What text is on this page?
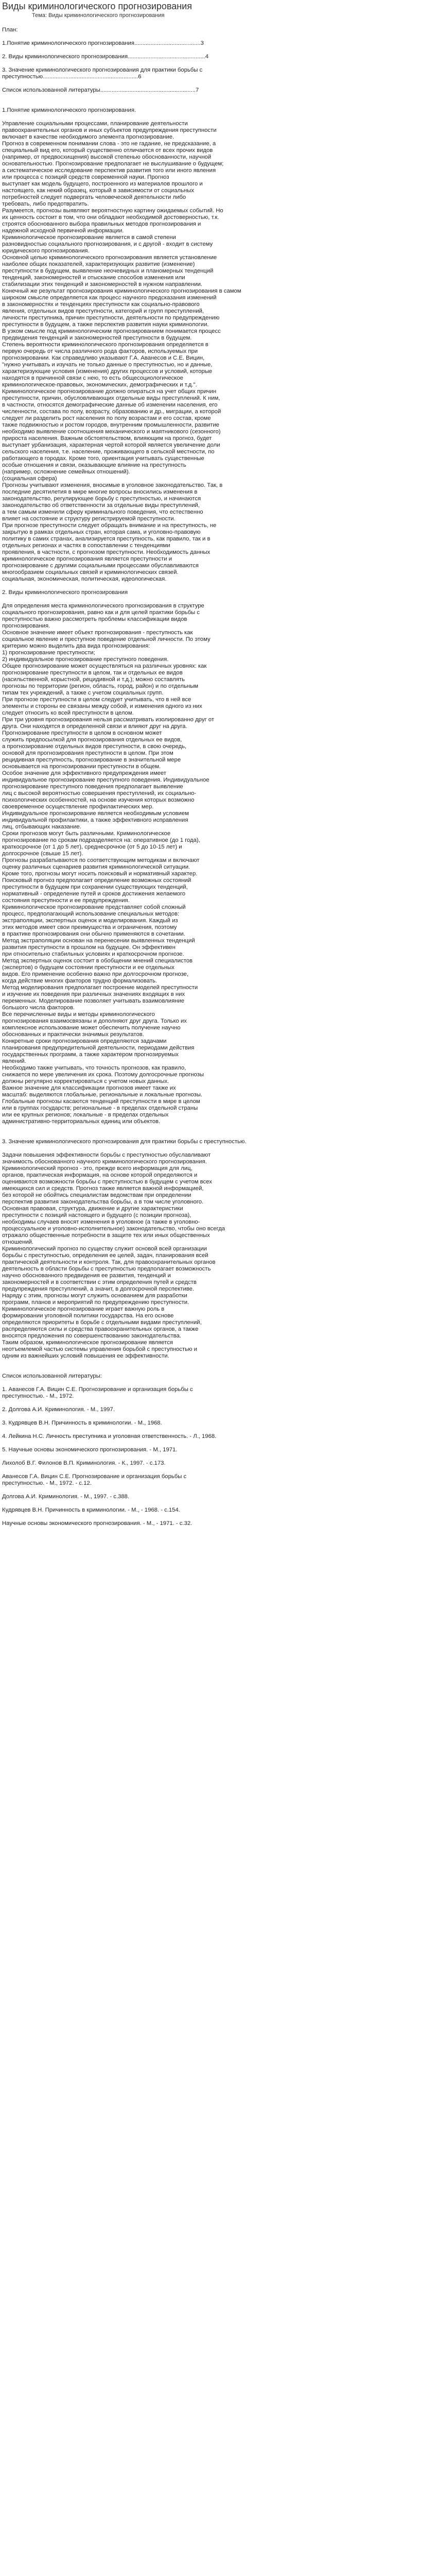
Виды криминологического прогнозирования
Тема: Виды криминологического прогнозирования

План:

1.Понятие криминологического прогнозирования.........................................3

2. Виды криминологического прогнозирования................................................4

3. Значение криминологического прогнозирования для практики борьбы с

преступностью...........................................................6

Список использованной литературы...........................................................7

1.Понятие криминологического прогнозирования.

Управление социальными процессами, планирование деятельности

правоохранительных органов и иных субъектов предупреждения преступности

включает в качестве необходимого элемента прогнозирование.

Прогноз в современном понимании слова - это не гадание, не предсказание, а

специальный вид его, который существенно отличается от всех прочих видов

(например, от предвосхищения) высокой степенью обоснованности, научной

основательностью. Прогнозирование предполагает не выслушивание о будущем;

а систематическое исследование перспектив развития того или иного явления

или процесса с позиций средств современной науки. Прогноз

выступает как модель будущего, построенного из материалов прошлого и

настоящего, как некий образец, который в зависимости от социальных

потребностей следует подвергать человеческой деятельности либо

требовать, либо предотвратить.

Разумеется, прогнозы выявляют вероятностную картину ожидаемых событий. Но

их ценность состоит в том, что они обладают необходимой достоверностью, т.к.

строятся обоснованного выбора правильных методов прогнозирования и

надежной исходной первичной информации.

Криминологическое прогнозирование является в самой степени

разновидностью социального прогнозирования, и с другой - входит в систему

юридического прогнозирования.

Основной целью криминологического прогнозирования является установление

наиболее общих показателей, характеризующих развитие (изменение)

преступности в будущем, выявление неочевидных и планомерных тенденций

тенденций, закономерностей и отыскание способов изменения или

стабилизации этих тенденций и закономерностей в нужном направлении.

Конечный же результат прогнозирования криминологического прогнозирования в самом

широком смысле определяется как процесс научного предсказания изменений

в закономерностях и тенденциях преступности как социально-правового

явления, отдельных видов преступности, категорий и групп преступлений,

личности преступника, причин преступности, деятельности по предупреждению

преступности в будущем, а также перспектив развития науки криминологии.

В узком смысле под криминологическим прогнозированием понимается процесс

предвидения тенденций и закономерностей преступности в будущем.

Степень вероятности криминологического прогнозирования определяется в

первую очередь от числа различного рода факторов, используемых при

прогнозировании. Как справедливо указывают Г.А. Аванесов и С.Е. Вицин,

"нужно учитывать и изучать не только данные о преступностью, но и данные,

характеризующие условия (изменения) других процессов и условий, которые

находятся в причинной связи с нею, то есть общесоциологическое

криминологическое-правовых, экономических, демографических и т.д.".

Криминологическое прогнозирование должно опираться на учет общих причин

преступности, причин, обусловливающих отдельные виды преступлений. К ним,

в частности, относятся демографические данные об изменении населения, его

численности, состава по полу, возрасту, образованию и др., миграции, а которой

следует ли разделить рост населения по полу возрастам и его состав, кроме

также подвижностью и ростом городов, внутренним промышленности, развитие

необходимо выявление соотношения механического и маятникового (сезонного)

прироста населения. Важным обстоятельством, влияющим на прогноз, будет

выступает урбанизация, характерная чертой которой является увеличение доли

сельского населения, т.е. население, проживающего в сельской местности, по

работающего в городах. Кроме того, ориентация учитывать существенные

особые отношения и связи, оказывающие влияние на преступность

(например, осложнение семейных отношений).

(социальная сфера)

Прогнозы учитывают изменения, вносимые в уголовное законодательство. Так, в

последние десятилетия в мире многие вопросы вносились изменения в

законодательство, регулирующее борьбу с преступностью, и начинаются

законодательство об ответственности за отдельные виды преступлений,

а тем самым изменили сферу криминального поведения, что естественно

влияет на состояние и структуру регистрируемой преступности.

При прогнозе преступности следует обращать внимание и на преступность, не

закрытую в рамках отдельных стран, которая сама, и уголовно-правовую

политику в самих странах, анализируется преступность, как правило, так и в

отдельных регионах и частях в сопоставлении с тенденциями

проявления, в частности, с прогнозом преступности. Необходимость данных

криминологическое прогнозирования является преступности и

прогнозирование с другими социальными процессами обуславливаются

многообразием социальных связей и криминологических связей.

социальная, экономическая, политическая, идеологическая.

2. Виды криминологического прогнозирования

Для определения места криминологического прогнозирования в структуре

социального прогнозирования, равно как и для целей практики борьбы с

преступностью важно рассмотреть проблемы классификации видов

прогнозирования.

Основное значение имеет объект прогнозирования - преступность как

социальное явление и преступное поведение отдельной личности. По этому

критерию можно выделить два вида прогнозирования:

1) прогнозирование преступности;

2) индивидуальное прогнозирование преступного поведения.

Общее прогнозирование может осуществляться на различных уровнях: как

прогнозирование преступности в целом, так и отдельных ее видов

(насильственной, корыстной, рецидивной и т.д.); можно составлять

прогнозы по территории (регион, область, город, район) и по отдельным

типам тех учреждений, а также с учетом социальных групп.

При прогнозе преступности в целом следует учитывать, что в ней все

элементы и стороны ее связаны между собой, и изменения одного из них

следует относить ко всей преступности в целом.

При три уровня прогнозирования нельзя рассматривать изолированно друг от

друга. Они находятся в определенной связи и влияют друг на друга.

Прогнозирование преступности в целом в основном может

служить предпосылкой для прогнозирования отдельных ее видов,

а прогнозирование отдельных видов преступности, в свою очередь,

основой для прогнозирования преступности в целом. При этом

рецидивная преступность, прогнозирование в значительной мере

основывается на прогнозировании преступности в общем.

Особое значение для эффективного предупреждения имеет

индивидуальное прогнозирование преступного поведения. Индивидуальное

прогнозирование преступного поведения предполагает выявление

лиц с высокой вероятностью совершения преступлений, их социально-

психологических особенностей, на основе изучения которых возможно

своевременное осуществление профилактических мер.

Индивидуальное прогнозирование является необходимым условием

индивидуальной профилактики, а также эффективного исправления

лиц, отбывающих наказание.

Сроки прогнозов могут быть различными. Криминологическое

прогнозирование по срокам подразделяется на: оперативное (до 1 года),

краткосрочное (от 1 до 5 лет), среднесрочное (от 5 до 10-15 лет) и

долгосрочное (свыше 15 лет).

Прогнозы разрабатываются по соответствующим методикам и включают

оценку различных сценариев развития криминологической ситуации.

Кроме того, прогнозы могут носить поисковый и нормативный характер.

Поисковый прогноз предполагает определение возможных состояний

преступности в будущем при сохранении существующих тенденций,

нормативный - определение путей и сроков достижения желаемого

состояния преступности и ее предупреждения.

Криминологическое прогнозирование представляет собой сложный

процесс, предполагающий использование специальных методов:

экстраполяции, экспертных оценок и моделирования. Каждый из

этих методов имеет свои преимущества и ограничения, поэтому

в практике прогнозирования они обычно применяются в сочетании.

Метод экстраполяции основан на перенесении выявленных тенденций

развития преступности в прошлом на будущее. Он эффективен

при относительно стабильных условиях и краткосрочном прогнозе.

Метод экспертных оценок состоит в обобщении мнений специалистов

(экспертов) о будущем состоянии преступности и ее отдельных

видов. Его применение особенно важно при долгосрочном прогнозе,

когда действие многих факторов трудно формализовать.

Метод моделирования предполагает построение моделей преступности

и изучение их поведения при различных значениях входящих в них

переменных. Моделирование позволяет учитывать взаимовлияние

большого числа факторов.

Все перечисленные виды и методы криминологического

прогнозирования взаимосвязаны и дополняют друг друга. Только их

комплексное использование может обеспечить получение научно

обоснованных и практически значимых результатов.

Конкретные сроки прогнозирования определяются задачами

планирования предупредительной деятельности, периодами действия

государственных программ, а также характером прогнозируемых

явлений.

Необходимо также учитывать, что точность прогнозов, как правило,

снижается по мере увеличения их срока. Поэтому долгосрочные прогнозы

должны регулярно корректироваться с учетом новых данных.

Важное значение для классификации прогнозов имеет также их

масштаб: выделяются глобальные, региональные и локальные прогнозы.

Глобальные прогнозы касаются тенденций преступности в мире в целом

или в группах государств; региональные - в пределах отдельной страны

или ее крупных регионов; локальные - в пределах отдельных

административно-территориальных единиц или объектов.

3. Значение криминологического прогнозирования для практики борьбы с преступностью.

Задачи повышения эффективности борьбы с преступностью обуславливают

значимость обоснованного научного криминологического прогнозирования.

Криминологический прогноз - это, прежде всего информация для лиц,

органов, практическая информация, на основе которой определяются и

оцениваются возможности борьбы с преступностью в будущем с учетом всех

имеющихся сил и средств. Прогноз также является важной информацией,

без которой не обойтись специалистам ведомствам при определении

перспектив развития законодательства борьбы, а в том числе уголовного.

Основная правовая, структура, движение и другие характеристики

преступности с позиций настоящего и будущего (с позиции прогноза),

необходимы случаев вносят изменения в уголовное (а также в уголовно-

процессуальное и уголовно-исполнительное) законодательство, чтобы оно всегда

отражало общественные потребности в защите тех или иных общественных

отношений.

Криминологический прогноз по существу служит основой всей организации

борьбы с преступностью, определения ее целей, задач, планирования всей

практической деятельности и контроля. Так, для правоохранительных органов

деятельность в области борьбы с преступностью предполагает возможность

научно обоснованного предвидения ее развития, тенденций и

закономерностей и в соответствии с этим определения путей и средств

предупреждения преступлений, а значит, в долгосрочной перспективе.

Наряду с этим, прогнозы могут служить основанием для разработки

программ, планов и мероприятий по предупреждению преступности.

Криминологическое прогнозирование играет важную роль в

формировании уголовной политики государства. На его основе

определяются приоритеты в борьбе с отдельными видами преступлений,

распределяются силы и средства правоохранительных органов, а также

вносятся предложения по совершенствованию законодательства.

Таким образом, криминологическое прогнозирование является

неотъемлемой частью системы управления борьбой с преступностью и

одним из важнейших условий повышения ее эффективности.

Список использованной литературы:

1. Аванесов Г.А. Вицин С.Е. Прогнозирование и организация борьбы с

преступностью. - М., 1972.

2. Долгова А.И. Криминология. - М., 1997.

3. Кудрявцев В.Н. Причинность в криминологии. - М., 1968.

4. Лейкина Н.С. Личность преступника и уголовная ответственность. - Л., 1968.

5. Научные основы экономического прогнозирования. - М., 1971.

Лихолоб В.Г. Филонов В.П. Криминология. - К., 1997. - с.173.

Аванесов Г.А. Вицин С.Е. Прогнозирование и организация борьбы с

преступностью. - М., 1972. - с.12.

Долгова А.И. Криминология. - М., 1997. - с.388.

Кудрявцев В.Н. Причинность в криминологии. - М., - 1968. - с.154.

Научные основы экономического прогнозирования. - М., - 1971. - с.32.
